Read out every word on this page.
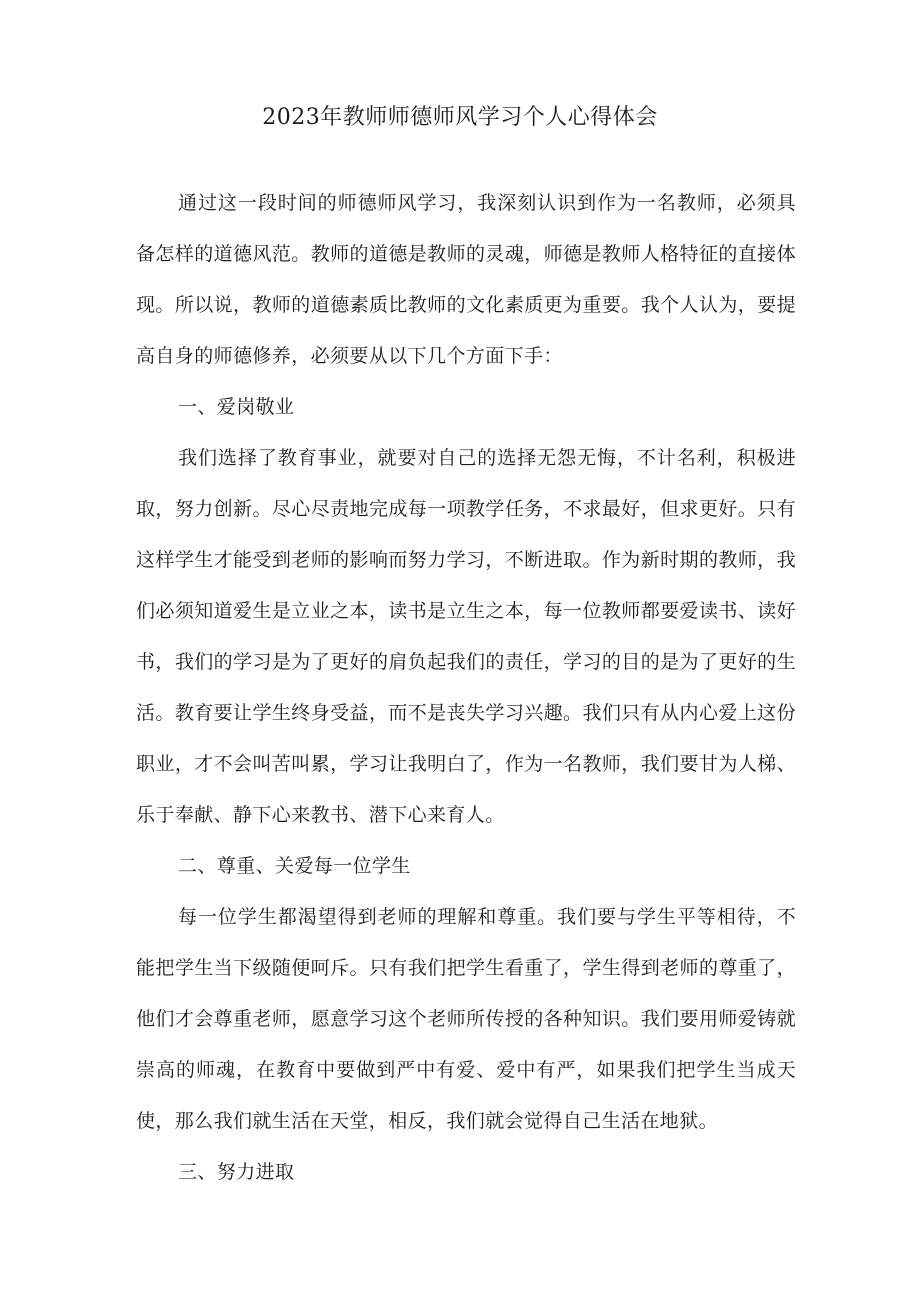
2023年教师师德师风学习个人心得体会

通过这一段时间的师德师风学习，我深刻认识到作为一名教师，必须具备怎样的道德风范。教师的道德是教师的灵魂，师德是教师人格特征的直接体现。所以说，教师的道德素质比教师的文化素质更为重要。我个人认为，要提高自身的师德修养，必须要从以下几个方面下手：

一、爱岗敬业

我们选择了教育事业，就要对自己的选择无怨无悔，不计名利，积极进取，努力创新。尽心尽责地完成每一项教学任务，不求最好，但求更好。只有这样学生才能受到老师的影响而努力学习，不断进取。作为新时期的教师，我们必须知道爱生是立业之本，读书是立生之本，每一位教师都要爱读书、读好书，我们的学习是为了更好的肩负起我们的责任，学习的目的是为了更好的生活。教育要让学生终身受益，而不是丧失学习兴趣。我们只有从内心爱上这份职业，才不会叫苦叫累，学习让我明白了，作为一名教师，我们要甘为人梯、乐于奉献、静下心来教书、潜下心来育人。

二、尊重、关爱每一位学生

每一位学生都渴望得到老师的理解和尊重。我们要与学生平等相待，不能把学生当下级随便呵斥。只有我们把学生看重了，学生得到老师的尊重了，他们才会尊重老师，愿意学习这个老师所传授的各种知识。我们要用师爱铸就崇高的师魂，在教育中要做到严中有爱、爱中有严，如果我们把学生当成天使，那么我们就生活在天堂，相反，我们就会觉得自己生活在地狱。

三、努力进取
